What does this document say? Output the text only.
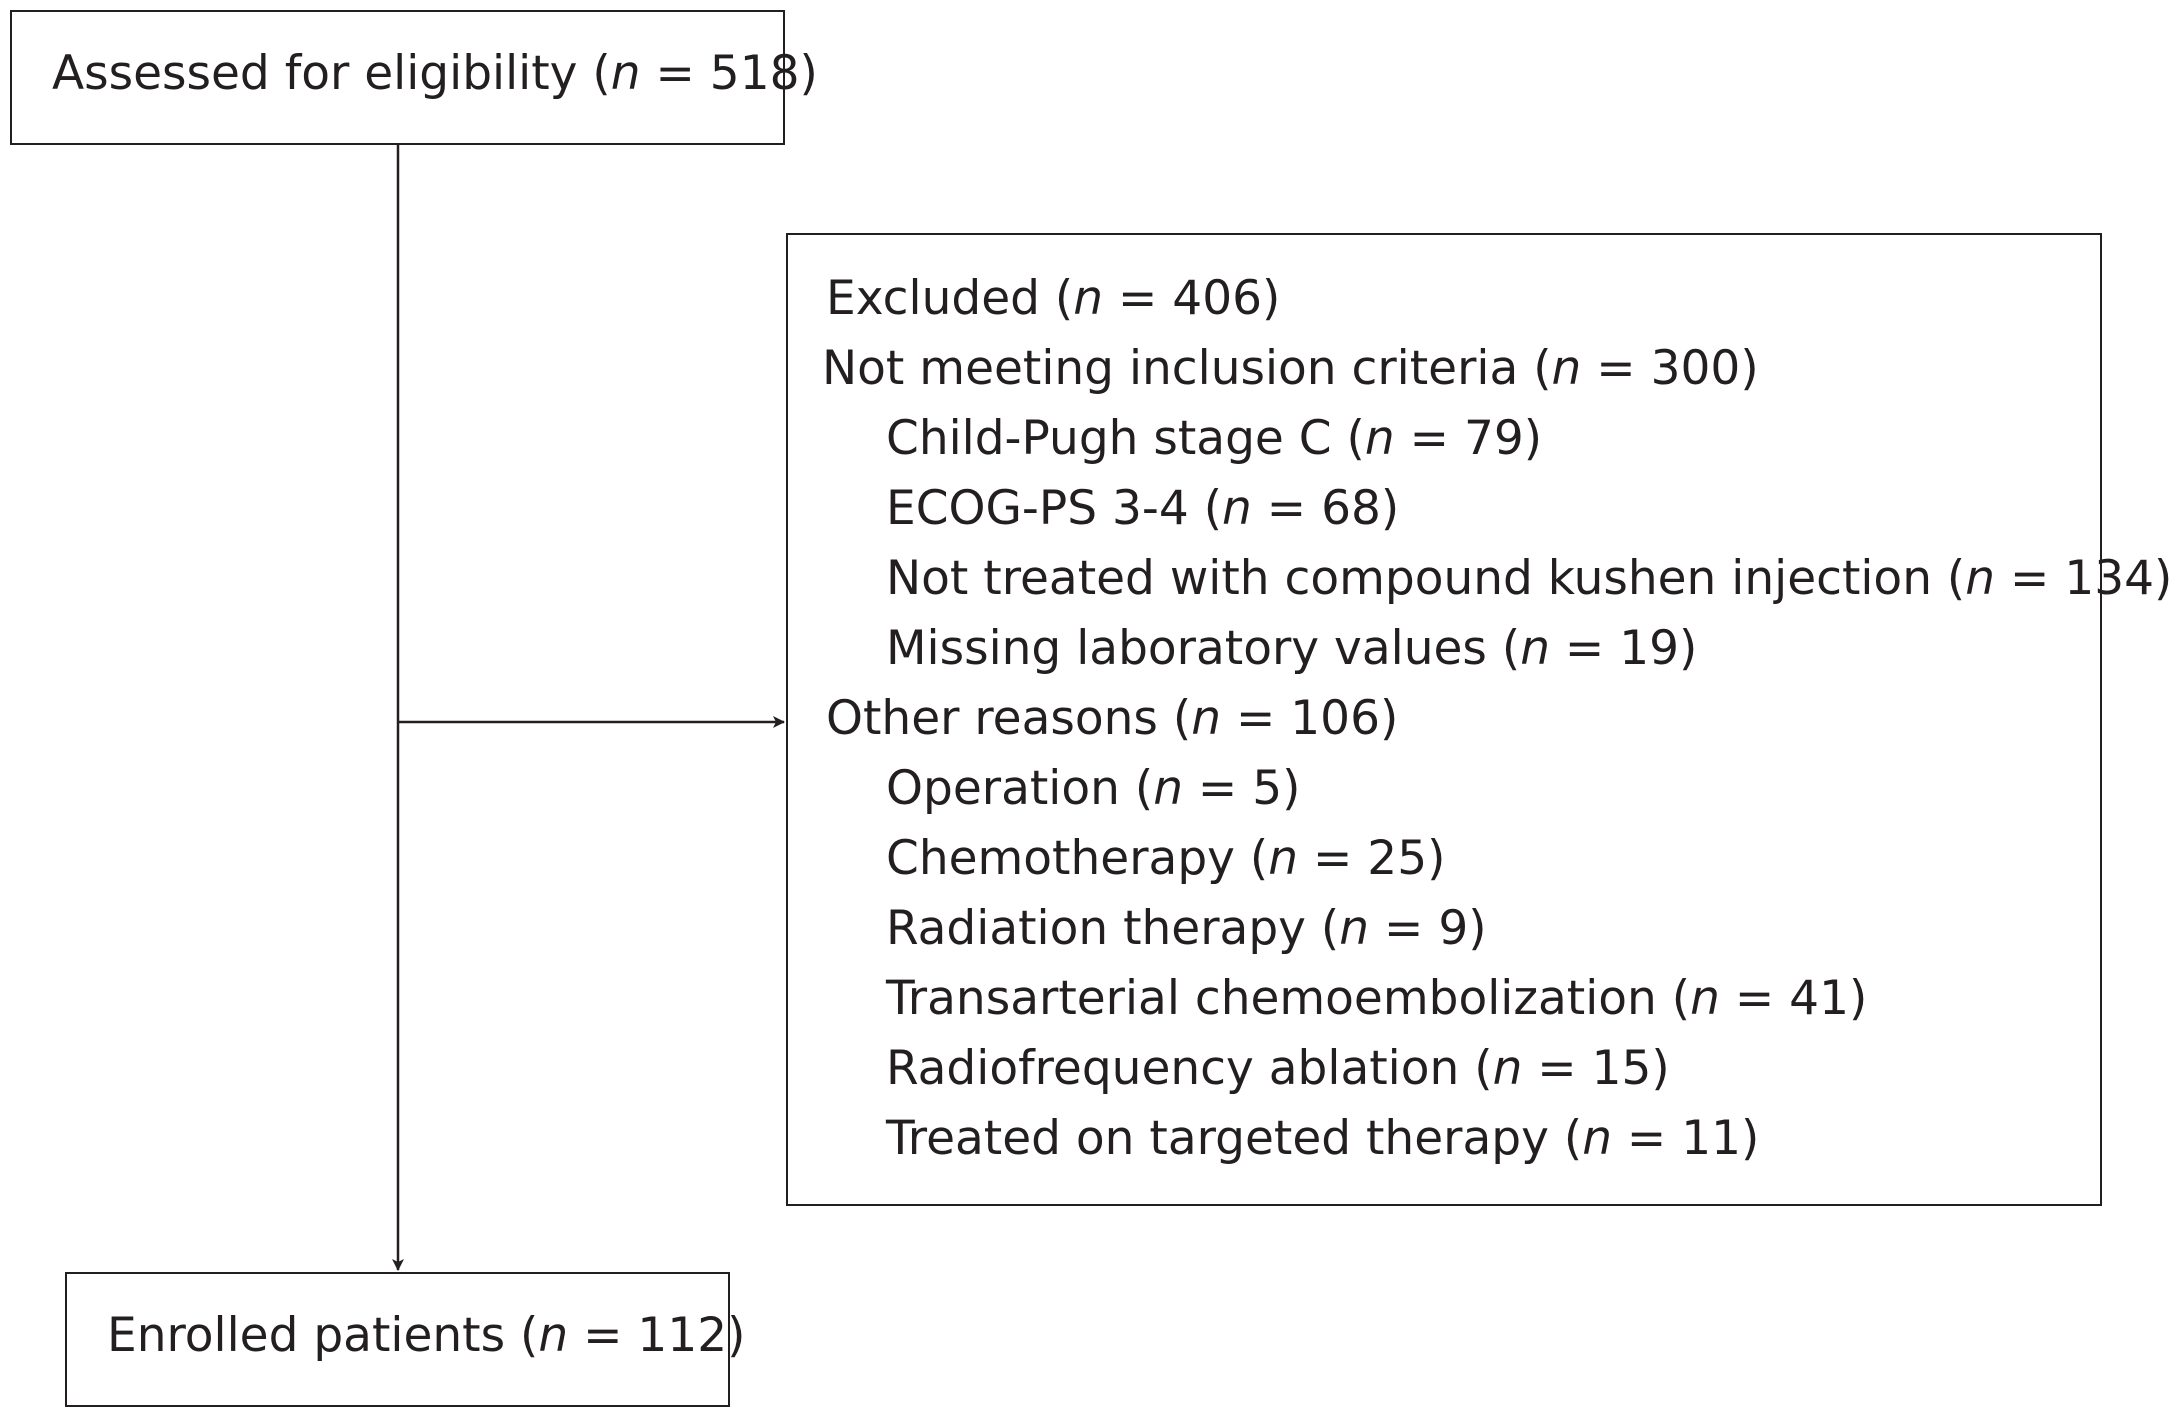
Assessed for eligibility (n = 518)
Excluded (n = 406)
Not meeting inclusion criteria (n = 300)
Child-Pugh stage C (n = 79)
ECOG-PS 3-4 (n = 68)
Not treated with compound kushen injection (n = 134)
Missing laboratory values (n = 19)
Other reasons (n = 106)
Operation (n = 5)
Chemotherapy (n = 25)
Radiation therapy (n = 9)
Transarterial chemoembolization (n = 41)
Radiofrequency ablation (n = 15)
Treated on targeted therapy (n = 11)
Enrolled patients (n = 112)
